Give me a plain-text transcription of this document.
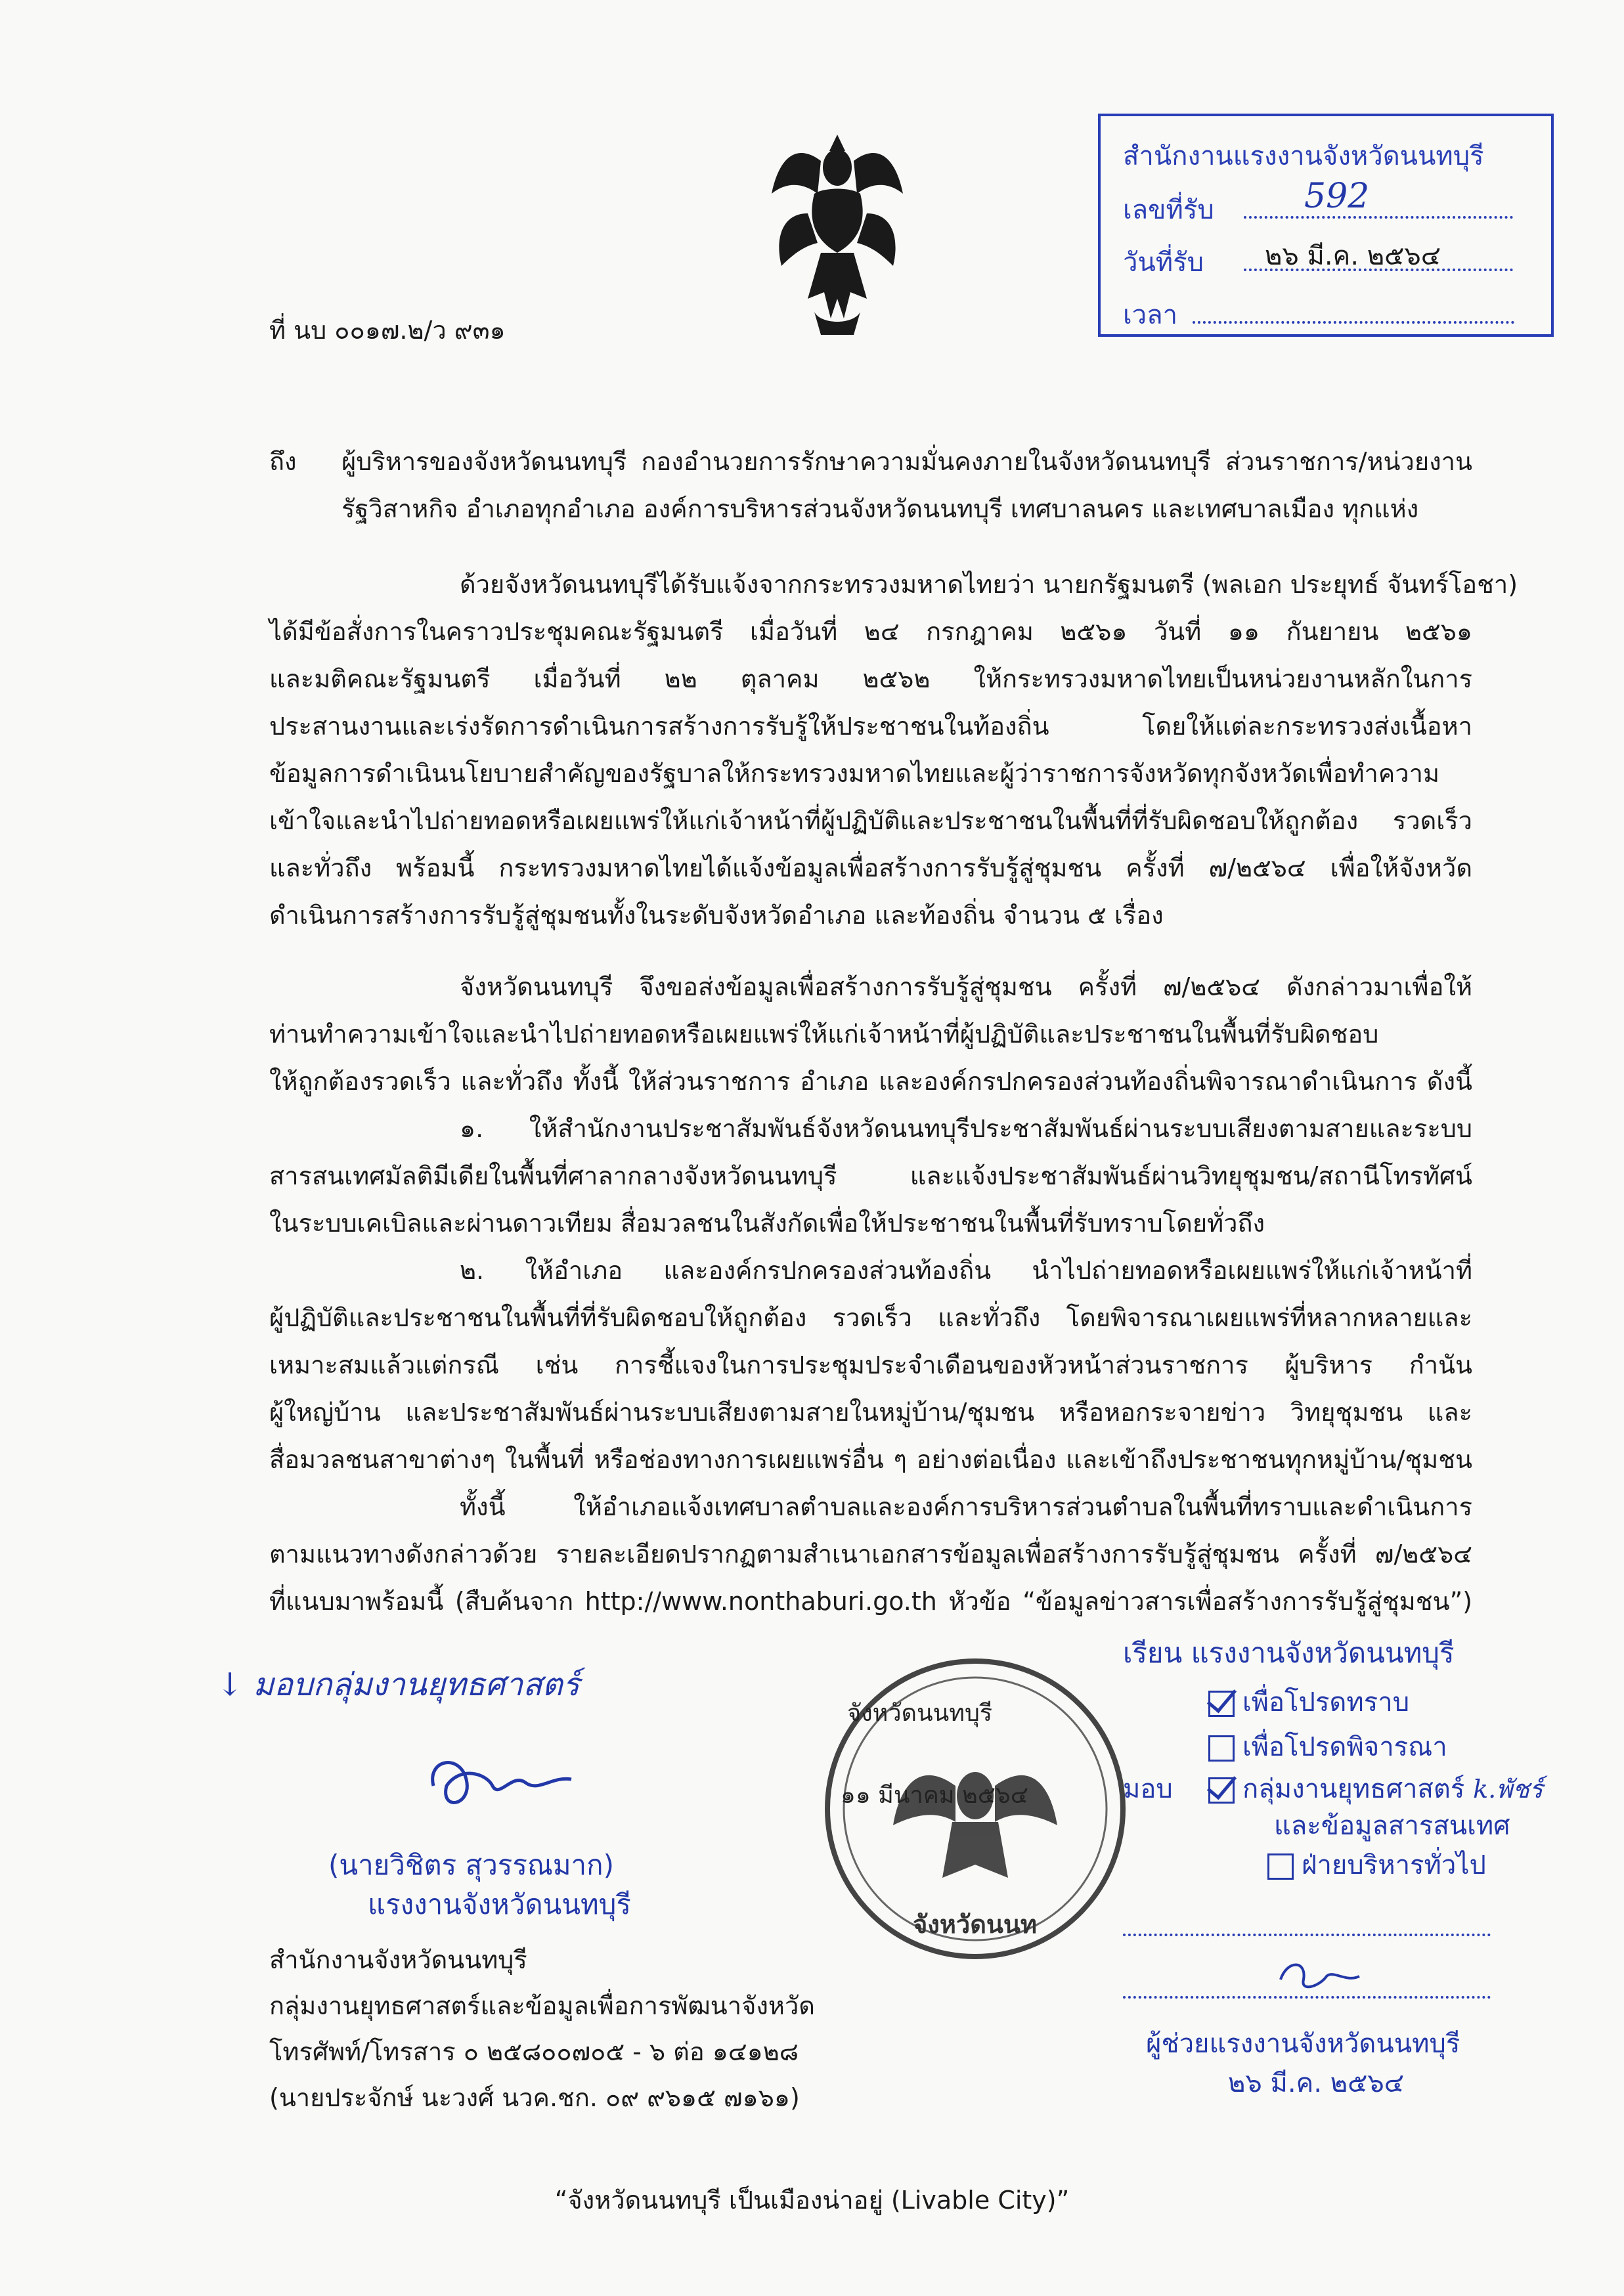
สำนักงานแรงงานจังหวัดนนทบุรี
เลขที่รับ	592
วันที่รับ ๒๖ มี.ค. ๒๕๖๔
เวลา
ที่ นบ ๐๐๑๗.๒/ว ๙๓๑
ถึง ผู้บริหารของจังหวัดนนทบุรี กองอำนวยการรักษาความมั่นคงภายในจังหวัดนนทบุรี ส่วนราชการ/หน่วยงาน
รัฐวิสาหกิจ อำเภอทุกอำเภอ องค์การบริหารส่วนจังหวัดนนทบุรี เทศบาลนคร และเทศบาลเมือง ทุกแห่ง
ด้วยจังหวัดนนทบุรีได้รับแจ้งจากกระทรวงมหาดไทยว่า นายกรัฐมนตรี (พลเอก ประยุทธ์ จันทร์โอชา)
ได้มีข้อสั่งการในคราวประชุมคณะรัฐมนตรี เมื่อวันที่ ๒๔ กรกฎาคม ๒๕๖๑ วันที่ ๑๑ กันยายน ๒๕๖๑
และมติคณะรัฐมนตรี เมื่อวันที่ ๒๒ ตุลาคม ๒๕๖๒ ให้กระทรวงมหาดไทยเป็นหน่วยงานหลักในการ
ประสานงานและเร่งรัดการดำเนินการสร้างการรับรู้ให้ประชาชนในท้องถิ่น โดยให้แต่ละกระทรวงส่งเนื้อหา
ข้อมูลการดำเนินนโยบายสำคัญของรัฐบาลให้กระทรวงมหาดไทยและผู้ว่าราชการจังหวัดทุกจังหวัดเพื่อทำความ
เข้าใจและนำไปถ่ายทอดหรือเผยแพร่ให้แก่เจ้าหน้าที่ผู้ปฏิบัติและประชาชนในพื้นที่ที่รับผิดชอบให้ถูกต้อง รวดเร็ว
และทั่วถึง พร้อมนี้ กระทรวงมหาดไทยได้แจ้งข้อมูลเพื่อสร้างการรับรู้สู่ชุมชน ครั้งที่ ๗/๒๕๖๔ เพื่อให้จังหวัด
ดำเนินการสร้างการรับรู้สู่ชุมชนทั้งในระดับจังหวัดอำเภอ และท้องถิ่น จำนวน ๕ เรื่อง
จังหวัดนนทบุรี จึงขอส่งข้อมูลเพื่อสร้างการรับรู้สู่ชุมชน ครั้งที่ ๗/๒๕๖๔ ดังกล่าวมาเพื่อให้
ท่านทำความเข้าใจและนำไปถ่ายทอดหรือเผยแพร่ให้แก่เจ้าหน้าที่ผู้ปฏิบัติและประชาชนในพื้นที่รับผิดชอบ
ให้ถูกต้องรวดเร็ว และทั่วถึง ทั้งนี้ ให้ส่วนราชการ อำเภอ และองค์กรปกครองส่วนท้องถิ่นพิจารณาดำเนินการ ดังนี้
๑. ให้สำนักงานประชาสัมพันธ์จังหวัดนนทบุรีประชาสัมพันธ์ผ่านระบบเสียงตามสายและระบบ
สารสนเทศมัลติมีเดียในพื้นที่ศาลากลางจังหวัดนนทบุรี และแจ้งประชาสัมพันธ์ผ่านวิทยุชุมชน/สถานีโทรทัศน์
ในระบบเคเบิลและผ่านดาวเทียม สื่อมวลชนในสังกัดเพื่อให้ประชาชนในพื้นที่รับทราบโดยทั่วถึง
๒. ให้อำเภอ และองค์กรปกครองส่วนท้องถิ่น นำไปถ่ายทอดหรือเผยแพร่ให้แก่เจ้าหน้าที่
ผู้ปฏิบัติและประชาชนในพื้นที่ที่รับผิดชอบให้ถูกต้อง รวดเร็ว และทั่วถึง โดยพิจารณาเผยแพร่ที่หลากหลายและ
เหมาะสมแล้วแต่กรณี เช่น การชี้แจงในการประชุมประจำเดือนของหัวหน้าส่วนราชการ ผู้บริหาร กำนัน
ผู้ใหญ่บ้าน และประชาสัมพันธ์ผ่านระบบเสียงตามสายในหมู่บ้าน/ชุมชน หรือหอกระจายข่าว วิทยุชุมชน และ
สื่อมวลชนสาขาต่างๆ ในพื้นที่ หรือช่องทางการเผยแพร่อื่น ๆ อย่างต่อเนื่อง และเข้าถึงประชาชนทุกหมู่บ้าน/ชุมชน
ทั้งนี้ ให้อำเภอแจ้งเทศบาลตำบลและองค์การบริหารส่วนตำบลในพื้นที่ทราบและดำเนินการ
ตามแนวทางดังกล่าวด้วย รายละเอียดปรากฏตามสำเนาเอกสารข้อมูลเพื่อสร้างการรับรู้สู่ชุมชน ครั้งที่ ๗/๒๕๖๔
ที่แนบมาพร้อมนี้ (สืบค้นจาก http://www.nonthaburi.go.th หัวข้อ “ข้อมูลข่าวสารเพื่อสร้างการรับรู้สู่ชุมชน”)
จังหวัดนนทบุรี
๑๑ มีนาคม ๒๕๖๔
จังหวัดนนท
↓ มอบกลุ่มงานยุทธศาสตร์
(นายวิชิตร สุวรรณมาก)
แรงงานจังหวัดนนทบุรี
เรียน แรงงานจังหวัดนนทบุรี
เพื่อโปรดทราบ
เพื่อโปรดพิจารณา
มอบ	กลุ่มงานยุทธศาสตร์ k.พัชร์
และข้อมูลสารสนเทศ
ฝ่ายบริหารทั่วไป
ผู้ช่วยแรงงานจังหวัดนนทบุรี
๒๖ มี.ค. ๒๕๖๔
สำนักงานจังหวัดนนทบุรี
กลุ่มงานยุทธศาสตร์และข้อมูลเพื่อการพัฒนาจังหวัด
โทรศัพท์/โทรสาร ๐ ๒๕๘๐๐๗๐๕ - ๖ ต่อ ๑๔๑๒๘
(นายประจักษ์ นะวงศ์ นวค.ชก. ๐๙ ๙๖๑๕ ๗๑๖๑)
“จังหวัดนนทบุรี เป็นเมืองน่าอยู่ (Livable City)”
